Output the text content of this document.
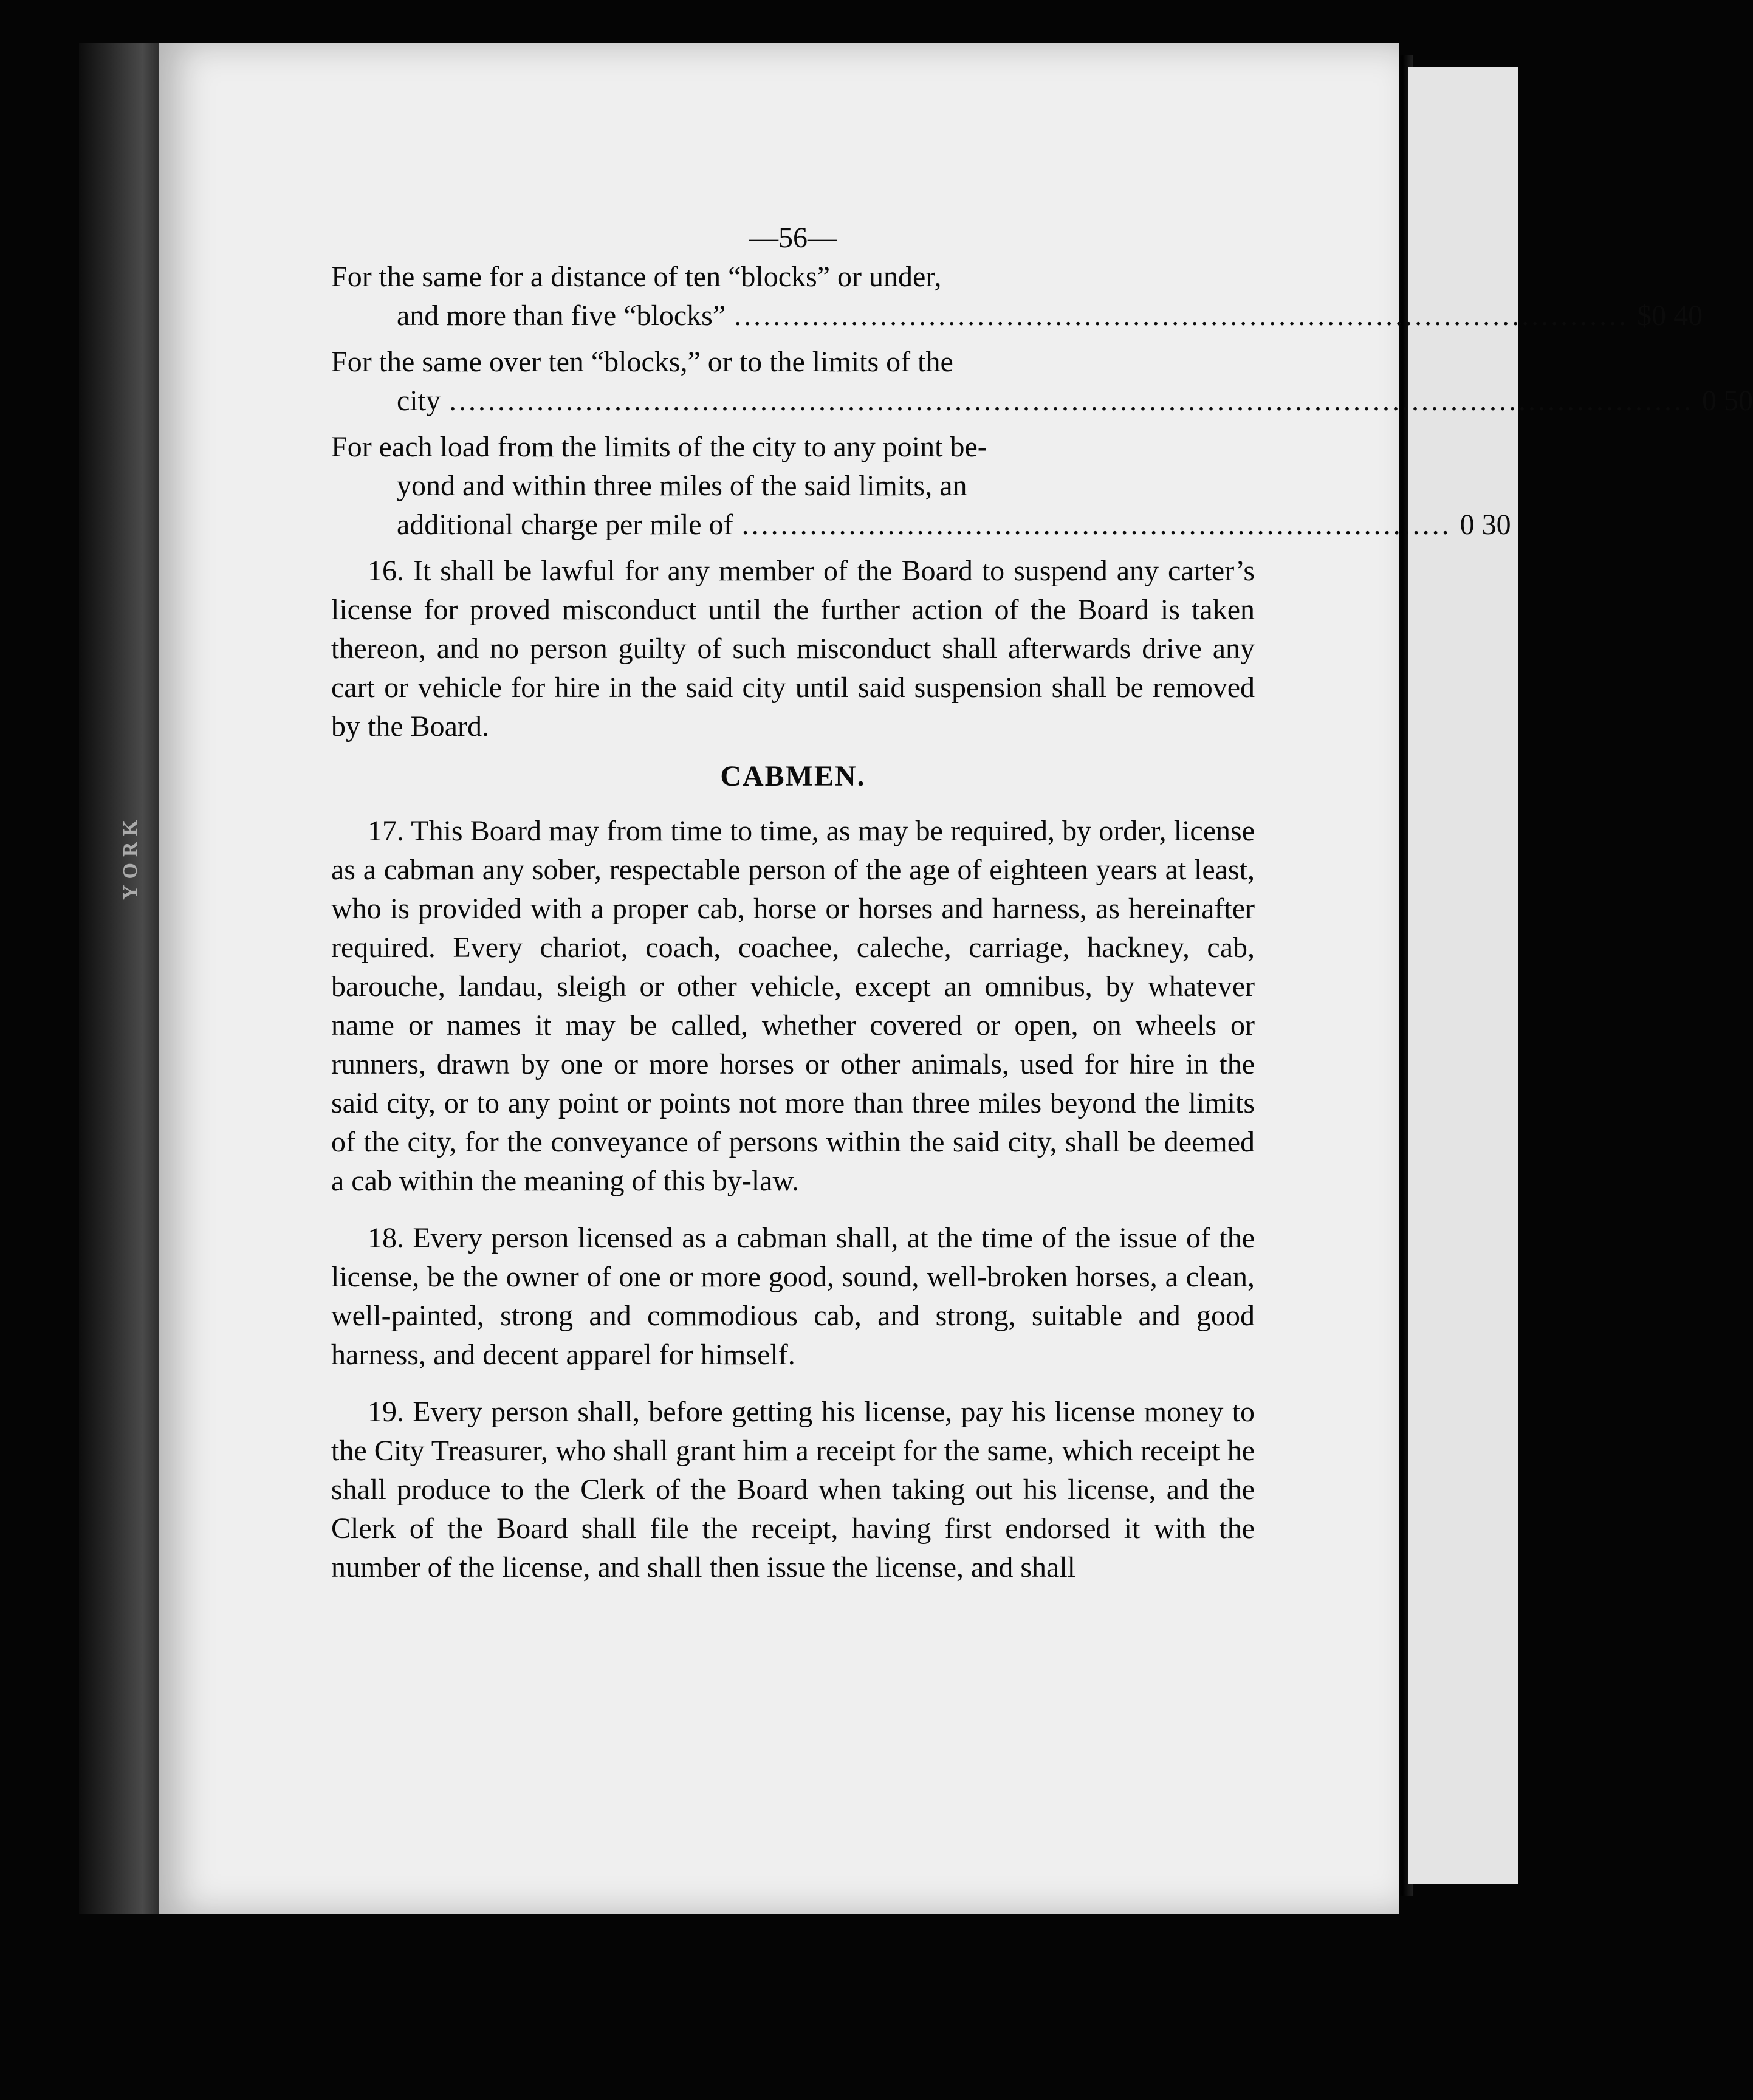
YORK
—56—
For the same for a distance of ten “blocks” or under,
and more than five “blocks” ............................................................................................ $0 40
For the same over ten “blocks,” or to the limits of the
city ................................................................................................................................ 0 50
For each load from the limits of the city to any point be-
yond and within three miles of the said limits, an
additional charge per mile of ......................................................................... 0 30

16. It shall be lawful for any member of the Board to suspend any carter’s license for proved misconduct until the further action of the Board is taken thereon, and no person guilty of such misconduct shall afterwards drive any cart or vehicle for hire in the said city until said suspension shall be removed by the Board.

CABMEN.

17. This Board may from time to time, as may be required, by order, license as a cabman any sober, respectable person of the age of eighteen years at least, who is provided with a proper cab, horse or horses and harness, as hereinafter required. Every chariot, coach, coachee, caleche, carriage, hackney, cab, barouche, landau, sleigh or other vehicle, except an omnibus, by whatever name or names it may be called, whether covered or open, on wheels or runners, drawn by one or more horses or other animals, used for hire in the said city, or to any point or points not more than three miles beyond the limits of the city, for the conveyance of persons within the said city, shall be deemed a cab within the meaning of this by-law.

18. Every person licensed as a cabman shall, at the time of the issue of the license, be the owner of one or more good, sound, well-broken horses, a clean, well-painted, strong and commodious cab, and strong, suitable and good harness, and decent apparel for himself.

19. Every person shall, before getting his license, pay his license money to the City Treasurer, who shall grant him a receipt for the same, which receipt he shall produce to the Clerk of the Board when taking out his license, and the Clerk of the Board shall file the receipt, having first endorsed it with the number of the license, and shall then issue the license, and shall
